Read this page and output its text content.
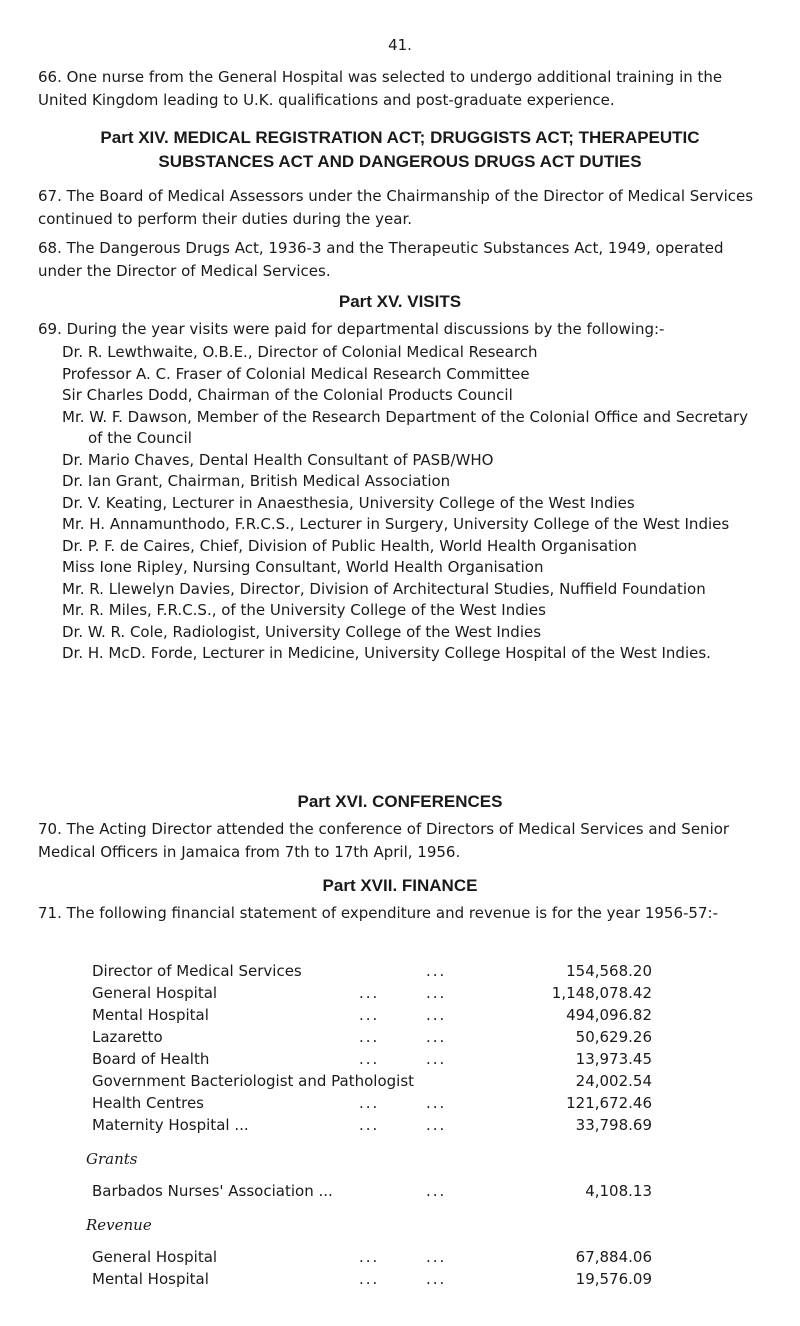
41.

66. One nurse from the General Hospital was selected to undergo additional training in the United Kingdom leading to U.K. qualifications and post-graduate experience.

Part XIV. MEDICAL REGISTRATION ACT; DRUGGISTS ACT; THERAPEUTIC
SUBSTANCES ACT AND DANGEROUS DRUGS ACT DUTIES

67. The Board of Medical Assessors under the Chairmanship of the Director of Medical Services continued to perform their duties during the year.

68. The Dangerous Drugs Act, 1936-3 and the Therapeutic Substances Act, 1949, operated under the Director of Medical Services.

Part XV. VISITS

69. During the year visits were paid for departmental discussions by the following:-

Dr. R. Lewthwaite, O.B.E., Director of Colonial Medical Research
Professor A. C. Fraser of Colonial Medical Research Committee
Sir Charles Dodd, Chairman of the Colonial Products Council
Mr. W. F. Dawson, Member of the Research Department of the Colonial Office and Secretary of the Council
Dr. Mario Chaves, Dental Health Consultant of PASB/WHO
Dr. Ian Grant, Chairman, British Medical Association
Dr. V. Keating, Lecturer in Anaesthesia, University College of the West Indies
Mr. H. Annamunthodo, F.R.C.S., Lecturer in Surgery, University College of the West Indies
Dr. P. F. de Caires, Chief, Division of Public Health, World Health Organisation
Miss Ione Ripley, Nursing Consultant, World Health Organisation
Mr. R. Llewelyn Davies, Director, Division of Architectural Studies, Nuffield Foundation
Mr. R. Miles, F.R.C.S., of the University College of the West Indies
Dr. W. R. Cole, Radiologist, University College of the West Indies
Dr. H. McD. Forde, Lecturer in Medicine, University College Hospital of the West Indies.
Part XVI. CONFERENCES

70. The Acting Director attended the conference of Directors of Medical Services and Senior Medical Officers in Jamaica from 7th to 17th April, 1956.

Part XVII. FINANCE

71. The following financial statement of expenditure and revenue is for the year 1956-57:-

Director of Medical Services	...	154,568.20
General Hospital	...	...	1,148,078.42
Mental Hospital	...	...	494,096.82
Lazaretto	...	...	50,629.26
Board of Health	...	...	13,973.45
Government Bacteriologist and Pathologist	24,002.54
Health Centres	...	...	121,672.46
Maternity Hospital ...	...	...	33,798.69
Grants
Barbados Nurses' Association ...	...	4,108.13
Revenue
General Hospital	...	...	67,884.06
Mental Hospital	...	...	19,576.09
